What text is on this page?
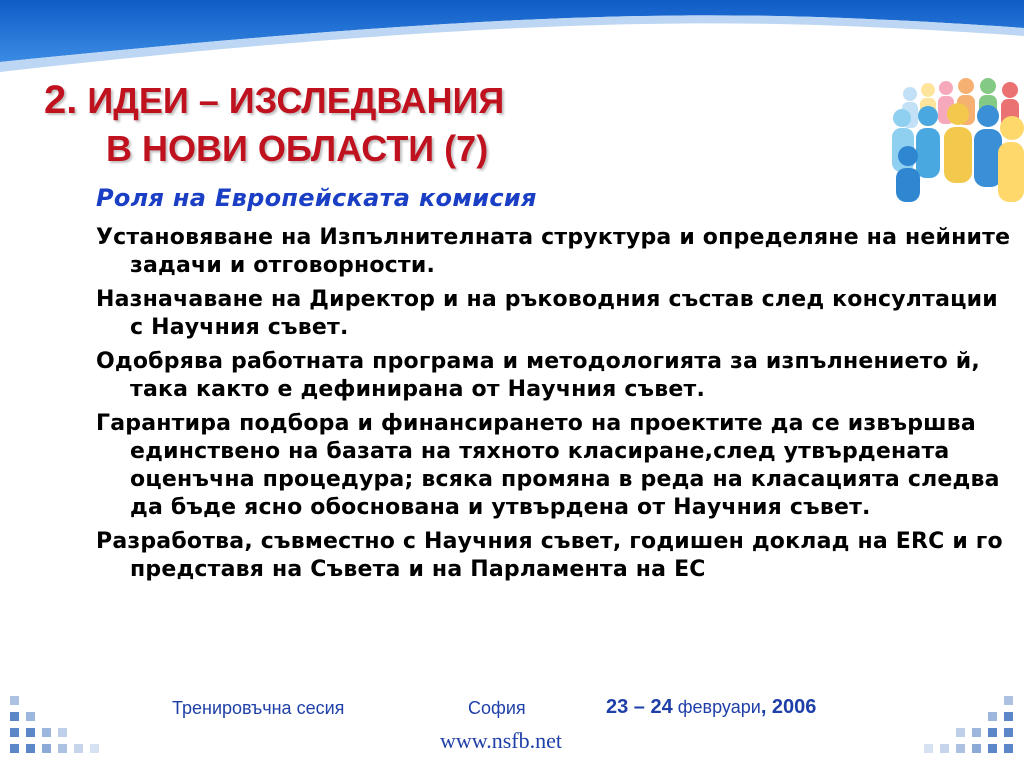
2. ИДЕИ – ИЗСЛЕДВАНИЯ
В НОВИ ОБЛАСТИ (7)
Роля на Европейската комисия

Установяване на Изпълнителната структура и определяне на нейните задачи и отговорности.

Назначаване на Директор и на ръководния състав след консултации с Научния съвет.

Одобрява работната програма и методологията за изпълнението й, така както е дефинирана от Научния съвет.

Гарантира подбора и финансирането на проектите да се извършва единствено на базата на тяхното класиране,след утвърдената оценъчна процедура; всяка промяна в реда на класацията следва да бъде ясно обоснована и утвърдена от Научния съвет.

Разработва, съвместно с Научния съвет, годишен доклад на ERC и го представя на Съвета и на Парламента на ЕС

Тренировъчна сесия	София	23 – 24 февруари, 2006
www.nsfb.net
